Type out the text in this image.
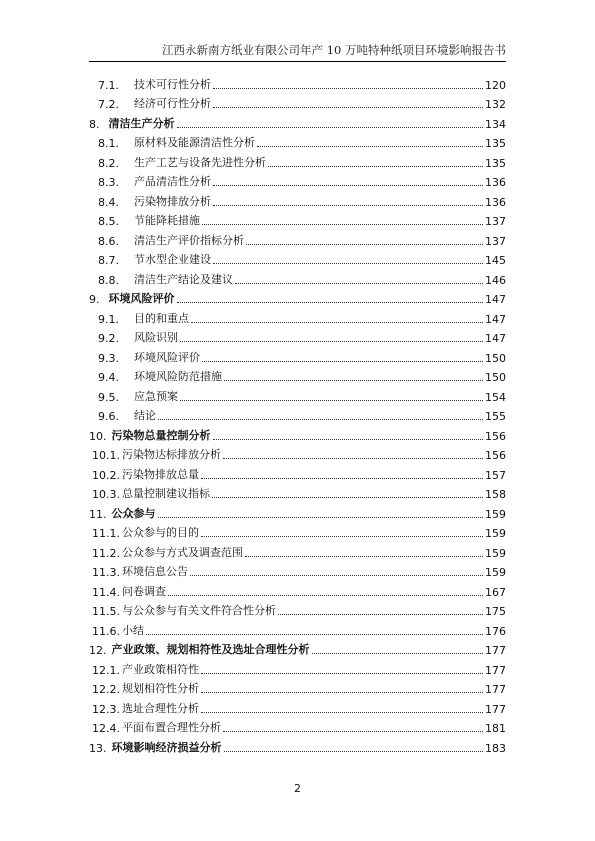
江西永新南方纸业有限公司年产 10 万吨特种纸项目环境影响报告书
7.1.	技术可行性分析	120
7.2.	经济可行性分析	132
8. 清洁生产分析	134
8.1.	原材料及能源清洁性分析	135
8.2.	生产工艺与设备先进性分析	135
8.3.	产品清洁性分析	136
8.4.	污染物排放分析	136
8.5.	节能降耗措施	137
8.6.	清洁生产评价指标分析	137
8.7.	节水型企业建设	145
8.8.	清洁生产结论及建议	146
9. 环境风险评价	147
9.1.	目的和重点	147
9.2.	风险识别	147
9.3.	环境风险评价	150
9.4.	环境风险防范措施	150
9.5.	应急预案	154
9.6.	结论	155
10. 污染物总量控制分析	156
10.1. 污染物达标排放分析	156
10.2. 污染物排放总量	157
10.3. 总量控制建议指标	158
11. 公众参与	159
11.1. 公众参与的目的	159
11.2. 公众参与方式及调查范围	159
11.3. 环境信息公告	159
11.4. 问卷调查	167
11.5. 与公众参与有关文件符合性分析	175
11.6. 小结	176
12. 产业政策、规划相符性及选址合理性分析	177
12.1. 产业政策相符性	177
12.2. 规划相符性分析	177
12.3. 选址合理性分析	177
12.4. 平面布置合理性分析	181
13. 环境影响经济损益分析	183
2
